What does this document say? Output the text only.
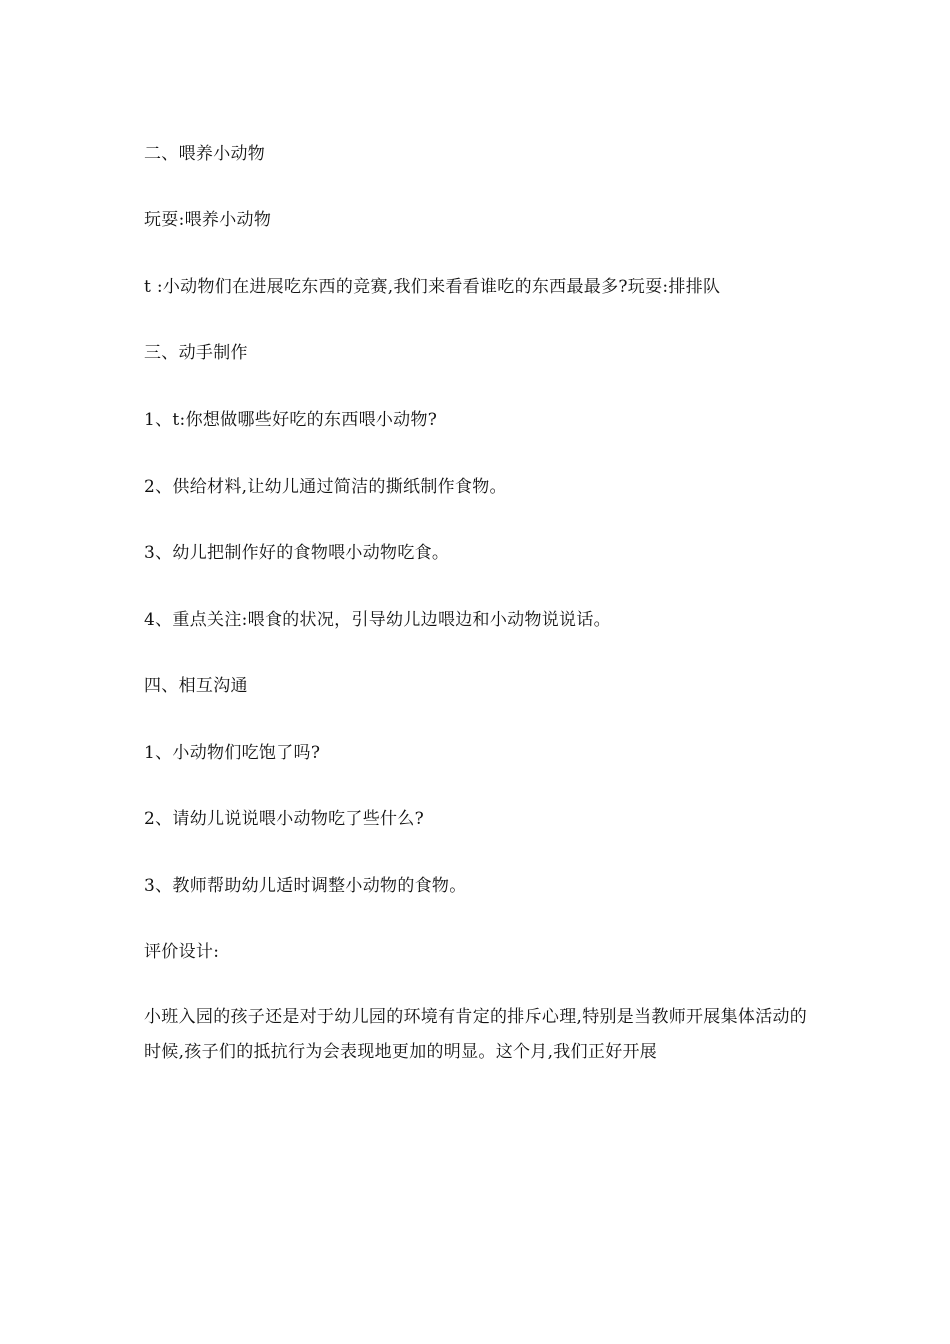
二、喂养小动物
玩耍:喂养小动物
t :小动物们在进展吃东西的竞赛,我们来看看谁吃的东西最最多?玩耍:排排队
三、动手制作
1、t:你想做哪些好吃的东西喂小动物?
2、供给材料,让幼儿通过简洁的撕纸制作食物。
3、幼儿把制作好的食物喂小动物吃食。
4、重点关注:喂食的状况，引导幼儿边喂边和小动物说说话。
四、相互沟通
1、小动物们吃饱了吗?
2、请幼儿说说喂小动物吃了些什么?
3、教师帮助幼儿适时调整小动物的食物。
评价设计:
小班入园的孩子还是对于幼儿园的环境有肯定的排斥心理,特别是当教师开展集体活动的时候,孩子们的抵抗行为会表现地更加的明显。这个月,我们正好开展
